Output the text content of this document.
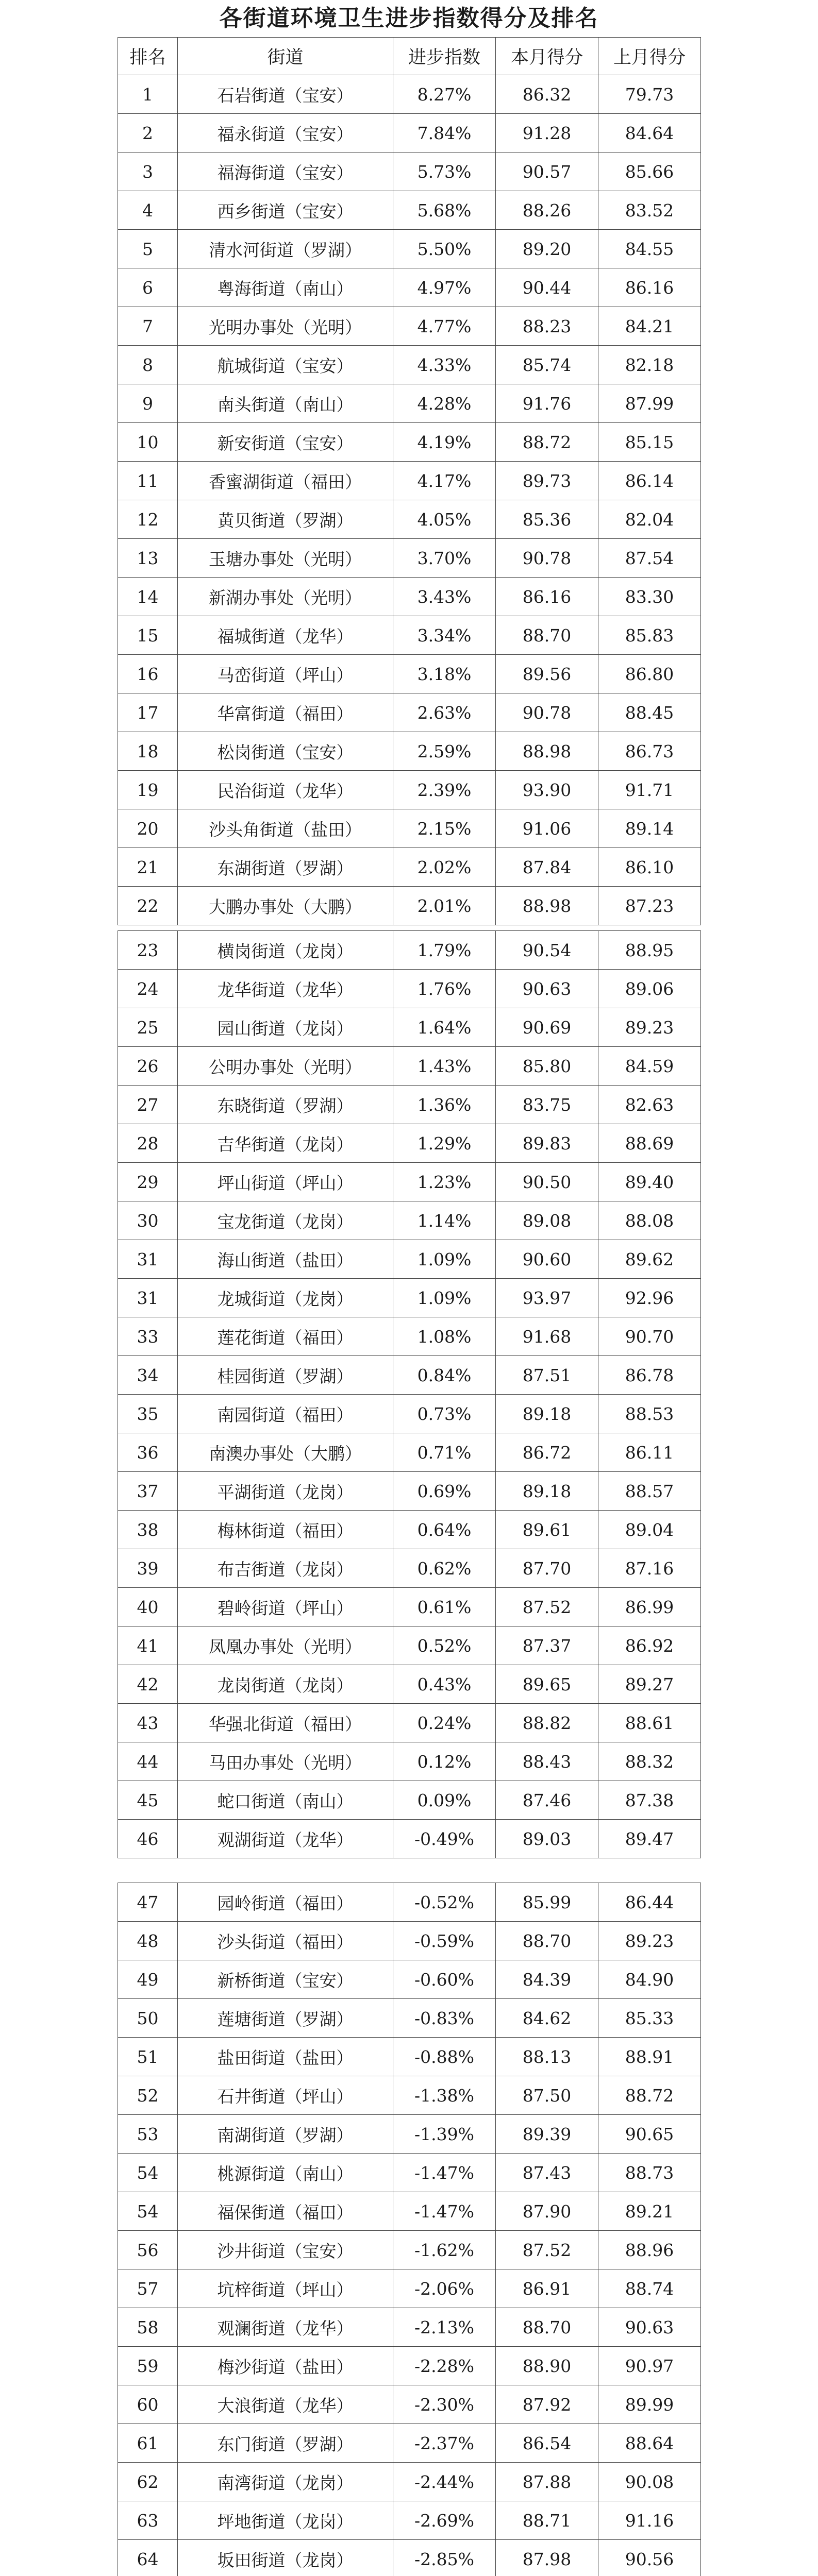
各街道环境卫生进步指数得分及排名
排名	街道	进步指数	本月得分	上月得分
1	石岩街道（宝安）	8.27%	86.32	79.73
2	福永街道（宝安）	7.84%	91.28	84.64
3	福海街道（宝安）	5.73%	90.57	85.66
4	西乡街道（宝安）	5.68%	88.26	83.52
5	清水河街道（罗湖）	5.50%	89.20	84.55
6	粤海街道（南山）	4.97%	90.44	86.16
7	光明办事处（光明）	4.77%	88.23	84.21
8	航城街道（宝安）	4.33%	85.74	82.18
9	南头街道（南山）	4.28%	91.76	87.99
10	新安街道（宝安）	4.19%	88.72	85.15
11	香蜜湖街道（福田）	4.17%	89.73	86.14
12	黄贝街道（罗湖）	4.05%	85.36	82.04
13	玉塘办事处（光明）	3.70%	90.78	87.54
14	新湖办事处（光明）	3.43%	86.16	83.30
15	福城街道（龙华）	3.34%	88.70	85.83
16	马峦街道（坪山）	3.18%	89.56	86.80
17	华富街道（福田）	2.63%	90.78	88.45
18	松岗街道（宝安）	2.59%	88.98	86.73
19	民治街道（龙华）	2.39%	93.90	91.71
20	沙头角街道（盐田）	2.15%	91.06	89.14
21	东湖街道（罗湖）	2.02%	87.84	86.10
22	大鹏办事处（大鹏）	2.01%	88.98	87.23
23	横岗街道（龙岗）	1.79%	90.54	88.95
24	龙华街道（龙华）	1.76%	90.63	89.06
25	园山街道（龙岗）	1.64%	90.69	89.23
26	公明办事处（光明）	1.43%	85.80	84.59
27	东晓街道（罗湖）	1.36%	83.75	82.63
28	吉华街道（龙岗）	1.29%	89.83	88.69
29	坪山街道（坪山）	1.23%	90.50	89.40
30	宝龙街道（龙岗）	1.14%	89.08	88.08
31	海山街道（盐田）	1.09%	90.60	89.62
31	龙城街道（龙岗）	1.09%	93.97	92.96
33	莲花街道（福田）	1.08%	91.68	90.70
34	桂园街道（罗湖）	0.84%	87.51	86.78
35	南园街道（福田）	0.73%	89.18	88.53
36	南澳办事处（大鹏）	0.71%	86.72	86.11
37	平湖街道（龙岗）	0.69%	89.18	88.57
38	梅林街道（福田）	0.64%	89.61	89.04
39	布吉街道（龙岗）	0.62%	87.70	87.16
40	碧岭街道（坪山）	0.61%	87.52	86.99
41	凤凰办事处（光明）	0.52%	87.37	86.92
42	龙岗街道（龙岗）	0.43%	89.65	89.27
43	华强北街道（福田）	0.24%	88.82	88.61
44	马田办事处（光明）	0.12%	88.43	88.32
45	蛇口街道（南山）	0.09%	87.46	87.38
46	观湖街道（龙华）	-0.49%	89.03	89.47
47	园岭街道（福田）	-0.52%	85.99	86.44
48	沙头街道（福田）	-0.59%	88.70	89.23
49	新桥街道（宝安）	-0.60%	84.39	84.90
50	莲塘街道（罗湖）	-0.83%	84.62	85.33
51	盐田街道（盐田）	-0.88%	88.13	88.91
52	石井街道（坪山）	-1.38%	87.50	88.72
53	南湖街道（罗湖）	-1.39%	89.39	90.65
54	桃源街道（南山）	-1.47%	87.43	88.73
54	福保街道（福田）	-1.47%	87.90	89.21
56	沙井街道（宝安）	-1.62%	87.52	88.96
57	坑梓街道（坪山）	-2.06%	86.91	88.74
58	观澜街道（龙华）	-2.13%	88.70	90.63
59	梅沙街道（盐田）	-2.28%	88.90	90.97
60	大浪街道（龙华）	-2.30%	87.92	89.99
61	东门街道（罗湖）	-2.37%	86.54	88.64
62	南湾街道（龙岗）	-2.44%	87.88	90.08
63	坪地街道（龙岗）	-2.69%	88.71	91.16
64	坂田街道（龙岗）	-2.85%	87.98	90.56
